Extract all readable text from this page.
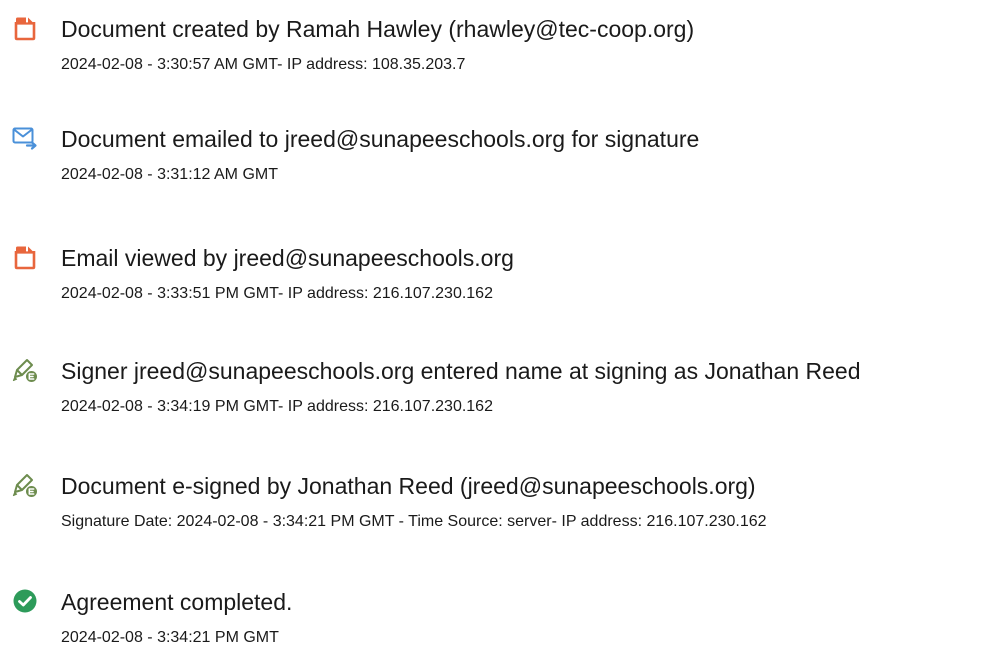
Document created by Ramah Hawley (rhawley@tec-coop.org)
2024-02-08 - 3:30:57 AM GMT- IP address: 108.35.203.7
Document emailed to jreed@sunapeeschools.org for signature
2024-02-08 - 3:31:12 AM GMT
Email viewed by jreed@sunapeeschools.org
2024-02-08 - 3:33:51 PM GMT- IP address: 216.107.230.162
Signer jreed@sunapeeschools.org entered name at signing as Jonathan Reed
2024-02-08 - 3:34:19 PM GMT- IP address: 216.107.230.162
Document e-signed by Jonathan Reed (jreed@sunapeeschools.org)
Signature Date: 2024-02-08 - 3:34:21 PM GMT - Time Source: server- IP address: 216.107.230.162
Agreement completed.
2024-02-08 - 3:34:21 PM GMT
